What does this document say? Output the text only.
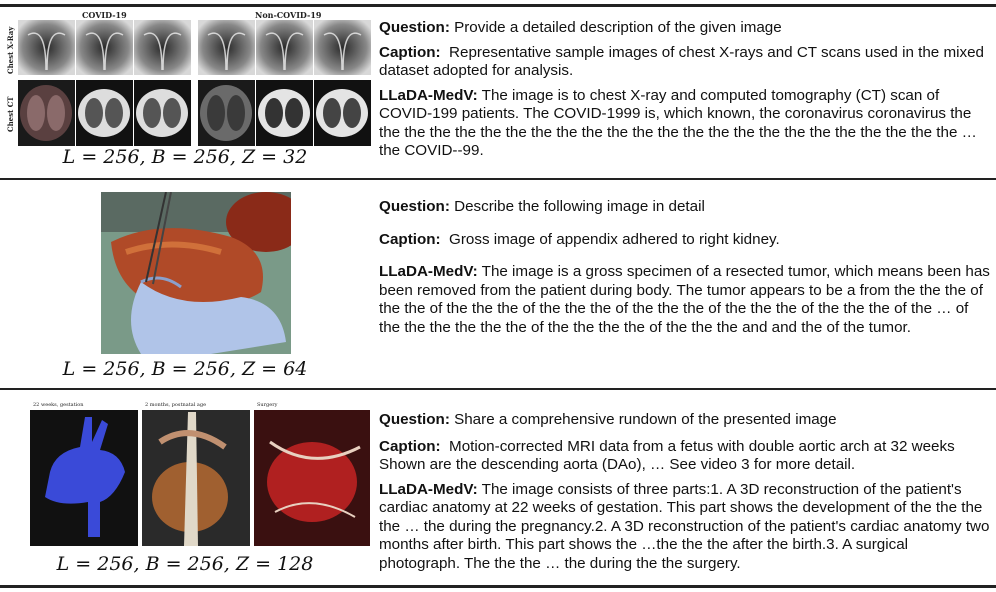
COVID-19	Non-COVID-19
Chest X-Ray
Chest CT
L = 256, B = 256, Z = 32

Question: Provide a detailed description of the given image

Caption: Representative sample images of chest X-rays and CT scans used in the mixed dataset adopted for analysis.

LLaDA-MedV: The image is to chest X-ray and computed tomography (CT) scan of COVID-199 patients. The COVID-1999 is, which known, the coronavirus coronavirus the the the the the the the the the the the the the the the the the the the the the the the the … the COVID--99.

L = 256, B = 256, Z = 64

Question: Describe the following image in detail

Caption: Gross image of appendix adhered to right kidney.

LLaDA-MedV: The image is a gross specimen of a resected tumor, which means been has been removed from the patient during body. The tumor appears to be a from the the the of the the of the the the of the the the of the the the of the the the of the the the of the … of the the the the the the of the the the the of the the the and and the of the tumor.

22 weeks, gestation	2 months, postnatal age	Surgery
L = 256, B = 256, Z = 128

Question: Share a comprehensive rundown of the presented image

Caption: Motion-corrected MRI data from a fetus with double aortic arch at 32 weeks Shown are the descending aorta (DAo), … See video 3 for more detail.

LLaDA-MedV: The image consists of three parts:1. A 3D reconstruction of the patient's cardiac anatomy at 22 weeks of gestation. This part shows the development of the the the the … the during the pregnancy.2. A 3D reconstruction of the patient's cardiac anatomy two months after birth. This part shows the …the the the after the birth.3. A surgical photograph. The the the … the during the the surgery.
